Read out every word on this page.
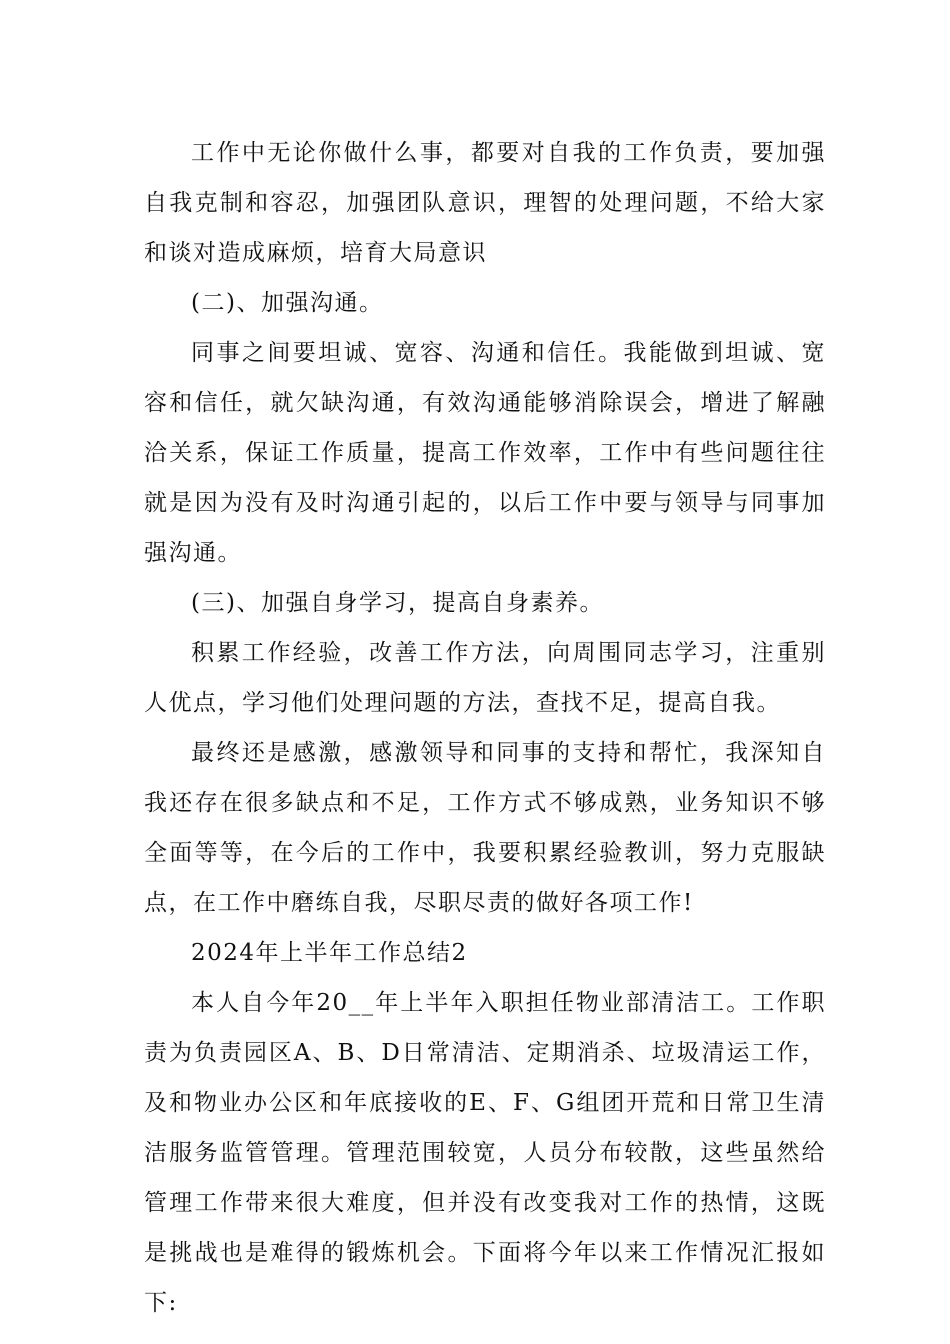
工作中无论你做什么事，都要对自我的工作负责，要加强自我克制和容忍，加强团队意识，理智的处理问题，不给大家和谈对造成麻烦，培育大局意识

(二)、加强沟通。

同事之间要坦诚、宽容、沟通和信任。我能做到坦诚、宽容和信任，就欠缺沟通，有效沟通能够消除误会，增进了解融洽关系，保证工作质量，提高工作效率，工作中有些问题往往就是因为没有及时沟通引起的，以后工作中要与领导与同事加强沟通。

(三)、加强自身学习，提高自身素养。

积累工作经验，改善工作方法，向周围同志学习，注重别人优点，学习他们处理问题的方法，查找不足，提高自我。

最终还是感激，感激领导和同事的支持和帮忙，我深知自我还存在很多缺点和不足，工作方式不够成熟，业务知识不够全面等等，在今后的工作中，我要积累经验教训，努力克服缺点，在工作中磨练自我，尽职尽责的做好各项工作!

2024年上半年工作总结2

本人自今年20__年上半年入职担任物业部清洁工。工作职责为负责园区A、B、D日常清洁、定期消杀、垃圾清运工作，及和物业办公区和年底接收的E、F、G组团开荒和日常卫生清洁服务监管管理。管理范围较宽，人员分布较散，这些虽然给管理工作带来很大难度，但并没有改变我对工作的热情，这既是挑战也是难得的锻炼机会。下面将今年以来工作情况汇报如下:
